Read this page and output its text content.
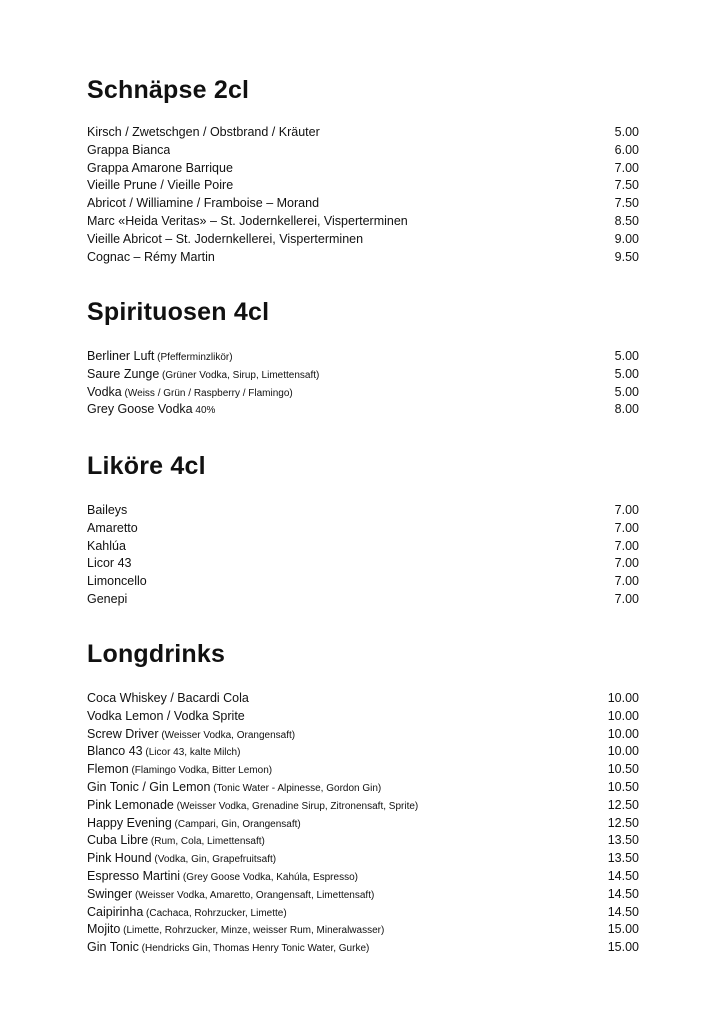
Schnäpse 2cl
Kirsch / Zwetschgen / Obstbrand / Kräuter	5.00
Grappa Bianca	6.00
Grappa Amarone Barrique	7.00
Vieille Prune / Vieille Poire	7.50
Abricot / Williamine / Framboise – Morand	7.50
Marc «Heida Veritas» – St. Jodernkellerei, Visperterminen	8.50
Vieille Abricot – St. Jodernkellerei, Visperterminen	9.00
Cognac – Rémy Martin	9.50
Spirituosen 4cl
Berliner Luft (Pfefferminzlikör)	5.00
Saure Zunge (Grüner Vodka, Sirup, Limettensaft)	5.00
Vodka (Weiss / Grün / Raspberry / Flamingo)	5.00
Grey Goose Vodka 40%	8.00
Liköre 4cl
Baileys	7.00
Amaretto	7.00
Kahlúa	7.00
Licor 43	7.00
Limoncello	7.00
Genepi	7.00
Longdrinks
Coca Whiskey / Bacardi Cola	10.00
Vodka Lemon / Vodka Sprite	10.00
Screw Driver (Weisser Vodka, Orangensaft)	10.00
Blanco 43 (Licor 43, kalte Milch)	10.00
Flemon (Flamingo Vodka, Bitter Lemon)	10.50
Gin Tonic / Gin Lemon (Tonic Water - Alpinesse, Gordon Gin)	10.50
Pink Lemonade (Weisser Vodka, Grenadine Sirup, Zitronensaft, Sprite)	12.50
Happy Evening (Campari, Gin, Orangensaft)	12.50
Cuba Libre (Rum, Cola, Limettensaft)	13.50
Pink Hound (Vodka, Gin, Grapefruitsaft)	13.50
Espresso Martini (Grey Goose Vodka, Kahúla, Espresso)	14.50
Swinger (Weisser Vodka, Amaretto, Orangensaft, Limettensaft)	14.50
Caipirinha (Cachaca, Rohrzucker, Limette)	14.50
Mojito (Limette, Rohrzucker, Minze, weisser Rum, Mineralwasser)	15.00
Gin Tonic (Hendricks Gin, Thomas Henry Tonic Water, Gurke)	15.00
